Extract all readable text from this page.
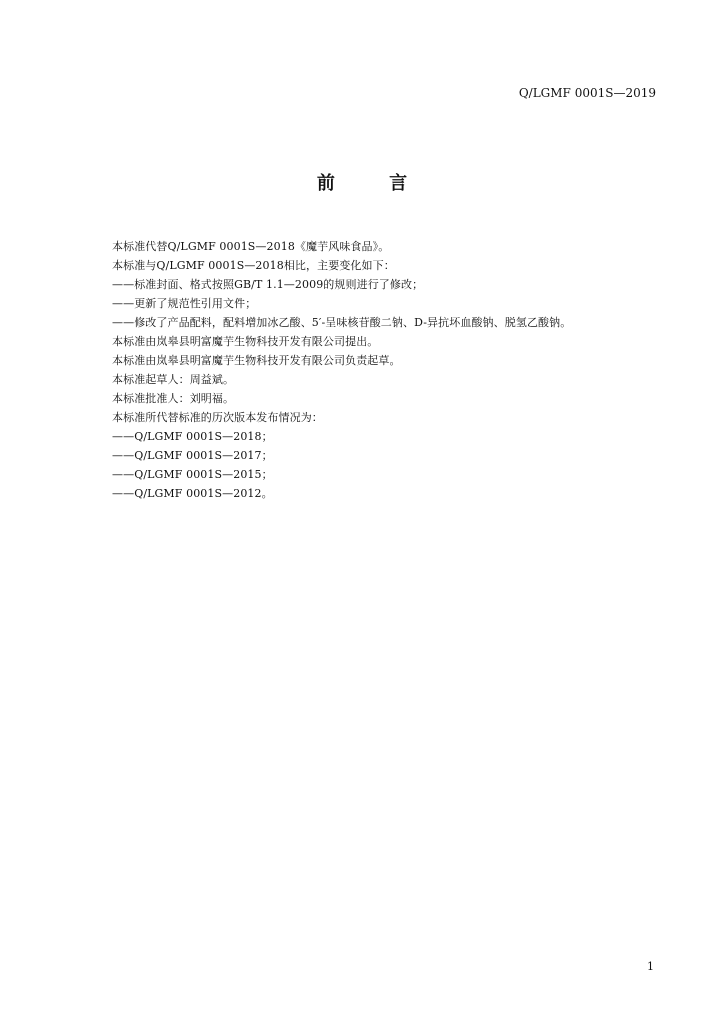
Q/LGMF 0001S—2019
前 言
本标准代替Q/LGMF 0001S—2018《魔芋风味食品》。
本标准与Q/LGMF 0001S—2018相比，主要变化如下：
——标准封面、格式按照GB/T 1.1—2009的规则进行了修改；
——更新了规范性引用文件；
——修改了产品配料，配料增加冰乙酸、5′-呈味核苷酸二钠、D-异抗坏血酸钠、脱氢乙酸钠。
本标准由岚皋县明富魔芋生物科技开发有限公司提出。
本标准由岚皋县明富魔芋生物科技开发有限公司负责起草。
本标准起草人：周益斌。
本标准批准人：刘明福。
本标准所代替标准的历次版本发布情况为：
——Q/LGMF 0001S—2018；
——Q/LGMF 0001S—2017；
——Q/LGMF 0001S—2015；
——Q/LGMF 0001S—2012。
1
